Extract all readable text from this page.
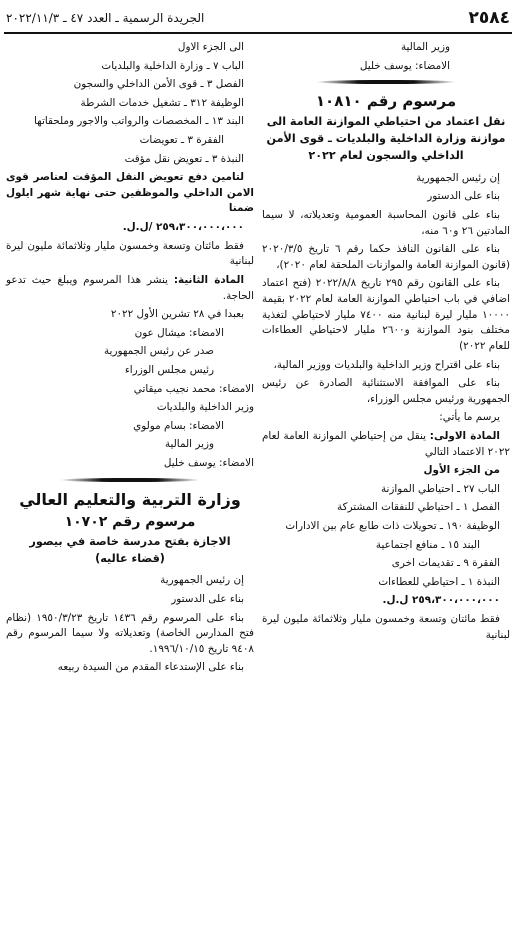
٢٥٨٤
الجريدة الرسمية ـ العدد ٤٧ ـ ٢٠٢٢/١١/٣
وزير المالية
الامضاء: يوسف خليل
مرسوم رقم ١٠٨١٠
نقل اعتماد من احتياطي الموازنة العامة الى موازنة وزارة الداخلية والبلديات ـ قوى الأمن الداخلي والسجون لعام ٢٠٢٢
إن رئيس الجمهورية
بناء على الدستور
بناء على قانون المحاسبة العمومية وتعديلاته، لا سيما المادتين ٢٦ و٦٠ منه،
بناء على القانون النافذ حكما رقم ٦ تاريخ ٢٠٢٠/٣/٥ (قانون الموازنة العامة والموازنات الملحقة لعام ٢٠٢٠)،
بناء على القانون رقم ٢٩٥ تاريخ ٢٠٢٢/٨/٨ (فتح اعتماد اضافي في باب احتياطي الموازنة العامة لعام ٢٠٢٢ بقيمة ١٠٠٠٠ مليار ليرة لبنانية منه ٧٤٠٠ مليار لاحتياطي لتغذية مختلف بنود الموازنة و٢٦٠٠ مليار لاحتياطي العطاءات للعام ٢٠٢٢)
بناء على اقتراح وزير الداخلية والبلديات ووزير المالية،
بناء على الموافقة الاستثنائية الصادرة عن رئيس الجمهورية ورئيس مجلس الوزراء،
يرسم ما يأتي:
المادة الاولى: ينقل من إحتياطي الموازنة العامة لعام ٢٠٢٢ الاعتماد التالي
من الجزء الأول
الباب ٢٧ ـ احتياطي الموازنة
الفصل ١ ـ احتياطي للنفقات المشتركة
الوظيفة ١٩٠ ـ تحويلات ذات طابع عام بين الادارات
البند ١٥ ـ منافع اجتماعية
الفقرة ٩ ـ تقديمات اخرى
النبذة ١ ـ احتياطي للعطاءات
٢٥٩،٣٠٠،٠٠٠،٠٠٠ ل.ل.
فقط مائتان وتسعة وخمسون مليار وثلاثمائة مليون ليرة لبنانية
الى الجزء الاول
الباب ٧ ـ وزارة الداخلية والبلديات
الفصل ٣ ـ قوى الأمن الداخلي والسجون
الوظيفة ٣١٢ ـ تشغيل خدمات الشرطة
البند ١٣ ـ المخصصات والرواتب والاجور وملحقاتها
الفقرة ٣ ـ تعويضات
النبذة ٣ ـ تعويض نقل مؤقت
لتامين دفع تعويض النقل المؤقت لعناصر قوى الامن الداخلي والموظفين حتى نهاية شهر ايلول ضمنا
٢٥٩،٣٠٠،٠٠٠،٠٠٠ /ل.ل.
فقط مائتان وتسعة وخمسون مليار وثلاثمائة مليون ليرة لبنانية
المادة الثانية: ينشر هذا المرسوم ويبلغ حيث تدعو الحاجة.
بعبدا في ٢٨ تشرين الأول ٢٠٢٢
الامضاء: ميشال عون
صدر عن رئيس الجمهورية
رئيس مجلس الوزراء
الامضاء: محمد نجيب ميقاتي
وزير الداخلية والبلديات
الامضاء: بسام مولوي
وزير المالية
الامضاء: يوسف خليل
وزارة التربية والتعليم العالي
مرسوم رقم ١٠٧٠٢
الاجازة بفتح مدرسة خاصة في بيصور
(قضاء عاليه)
إن رئيس الجمهورية
بناء على الدستور
بناء على المرسوم رقم ١٤٣٦ تاريخ ١٩٥٠/٣/٢٣ (نظام فتح المدارس الخاصة) وتعديلاته ولا سيما المرسوم رقم ٩٤٠٨ تاريخ ١٩٩٦/١٠/١٥.
بناء على الإستدعاء المقدم من السيدة ربيعه
